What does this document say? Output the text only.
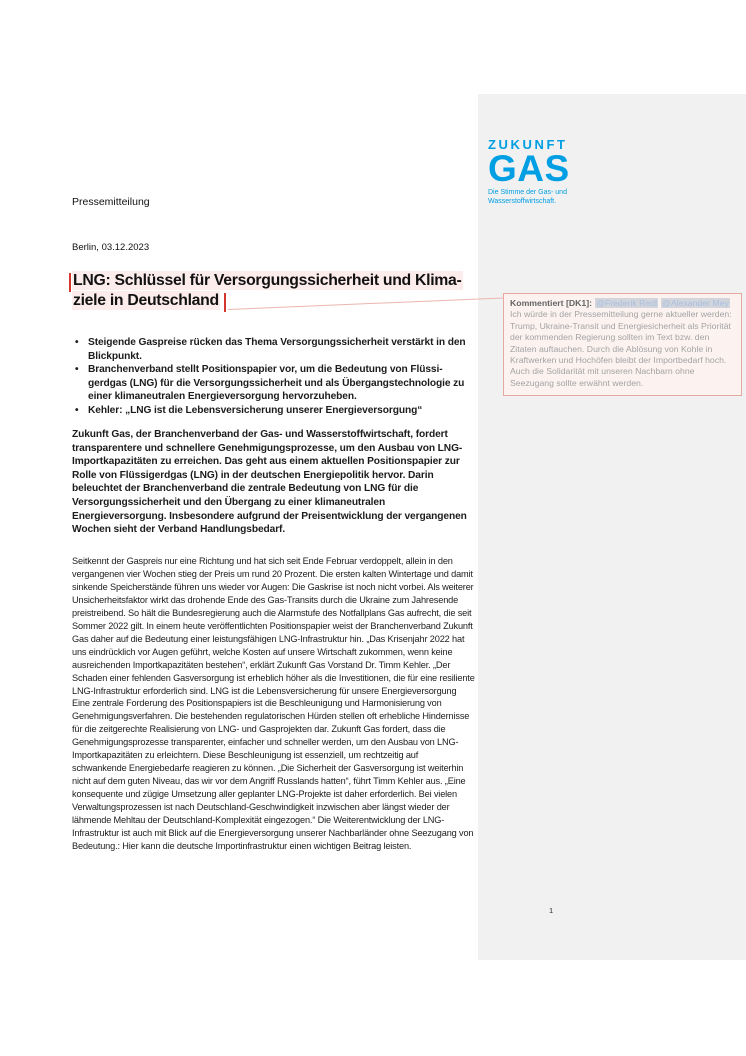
ZUKUNFT
GAS
Die Stimme der Gas- und Wasserstoffwirtschaft.
Pressemitteilung
Berlin, 03.12.2023
LNG: Schlüssel für Versorgungssicherheit und Klimaziele in Deutschland
• Steigende Gaspreise rücken das Thema Versorgungssicherheit verstärkt in den Blickpunkt.
• Branchenverband stellt Positionspapier vor, um die Bedeutung von Flüssigerdgas (LNG) für die Versorgungssicherheit und als Übergangstechnologie zu einer klimaneutralen Energieversorgung hervorzuheben.
• Kehler: „LNG ist die Lebensversicherung unserer Energieversorgung“
Zukunft Gas, der Branchenverband der Gas- und Wasserstoffwirtschaft, fordert transparentere und schnellere Genehmigungsprozesse, um den Ausbau von LNG-Importkapazitäten zu erreichen. Das geht aus einem aktuellen Positionspapier zur Rolle von Flüssigerdgas (LNG) in der deutschen Energiepolitik hervor. Darin beleuchtet der Branchenverband die zentrale Bedeutung von LNG für die Versorgungssicherheit und den Übergang zu einer klimaneutralen Energieversorgung. Insbesondere aufgrund der Preisentwicklung der vergangenen Wochen sieht der Verband Handlungsbedarf.

Seitkennt der Gaspreis nur eine Richtung und hat sich seit Ende Februar verdoppelt, allein in den vergangenen vier Wochen stieg der Preis um rund 20 Prozent. Die ersten kalten Wintertage und damit sinkende Speicherstände führen uns wieder vor Augen: Die Gaskrise ist noch nicht vorbei. Als weiterer Unsicherheitsfaktor wirkt das drohende Ende des Gas-Transits durch die Ukraine zum Jahresende preistreibend. So hält die Bundesregierung auch die Alarmstufe des Notfallplans Gas aufrecht, die seit Sommer 2022 gilt. In einem heute veröffentlichten Positionspapier weist der Branchenverband Zukunft Gas daher auf die Bedeutung einer leistungsfähigen LNG-Infrastruktur hin. „Das Krisenjahr 2022 hat uns eindrücklich vor Augen geführt, welche Kosten auf unsere Wirtschaft zukommen, wenn keine ausreichenden Importkapazitäten bestehen“, erklärt Zukunft Gas Vorstand Dr. Timm Kehler. „Der Schaden einer fehlenden Gasversorgung ist erheblich höher als die Investitionen, die für eine resiliente LNG-Infrastruktur erforderlich sind. LNG ist die Lebensversicherung für unsere Energieversorgung

Eine zentrale Forderung des Positionspapiers ist die Beschleunigung und Harmonisierung von Genehmigungsverfahren. Die bestehenden regulatorischen Hürden stellen oft erhebliche Hindernisse für die zeitgerechte Realisierung von LNG- und Gasprojekten dar. Zukunft Gas fordert, dass die Genehmigungsprozesse transparenter, einfacher und schneller werden, um den Ausbau von LNG-Importkapazitäten zu erleichtern. Diese Beschleunigung ist essenziell, um rechtzeitig auf schwankende Energiebedarfe reagieren zu können. „Die Sicherheit der Gasversorgung ist weiterhin nicht auf dem guten Niveau, das wir vor dem Angriff Russlands hatten“, führt Timm Kehler aus. „Eine konsequente und zügige Umsetzung aller geplanter LNG-Projekte ist daher erforderlich. Bei vielen Verwaltungsprozessen ist nach Deutschland-Geschwindigkeit inzwischen aber längst wieder der lähmende Mehltau der Deutschland-Komplexität eingezogen.“ Die Weiterentwicklung der LNG-Infrastruktur ist auch mit Blick auf die Energieversorgung unserer Nachbarländer ohne Seezugang von Bedeutung.: Hier kann die deutsche Importinfrastruktur einen wichtigen Beitrag leisten.

Kommentiert [DK1]: @Frederik Redl @Alexander Mey
Ich würde in der Pressemitteilung gerne aktueller werden: Trump, Ukraine-Transit und Energiesicherheit als Priorität der kommenden Regierung sollten im Text bzw. den Zitaten auftauchen. Durch die Ablösung von Kohle in Kraftwerken und Hochöfen bleibt der Importbedarf hoch. Auch die Solidarität mit unseren Nachbarn ohne Seezugang sollte erwähnt werden.
1
